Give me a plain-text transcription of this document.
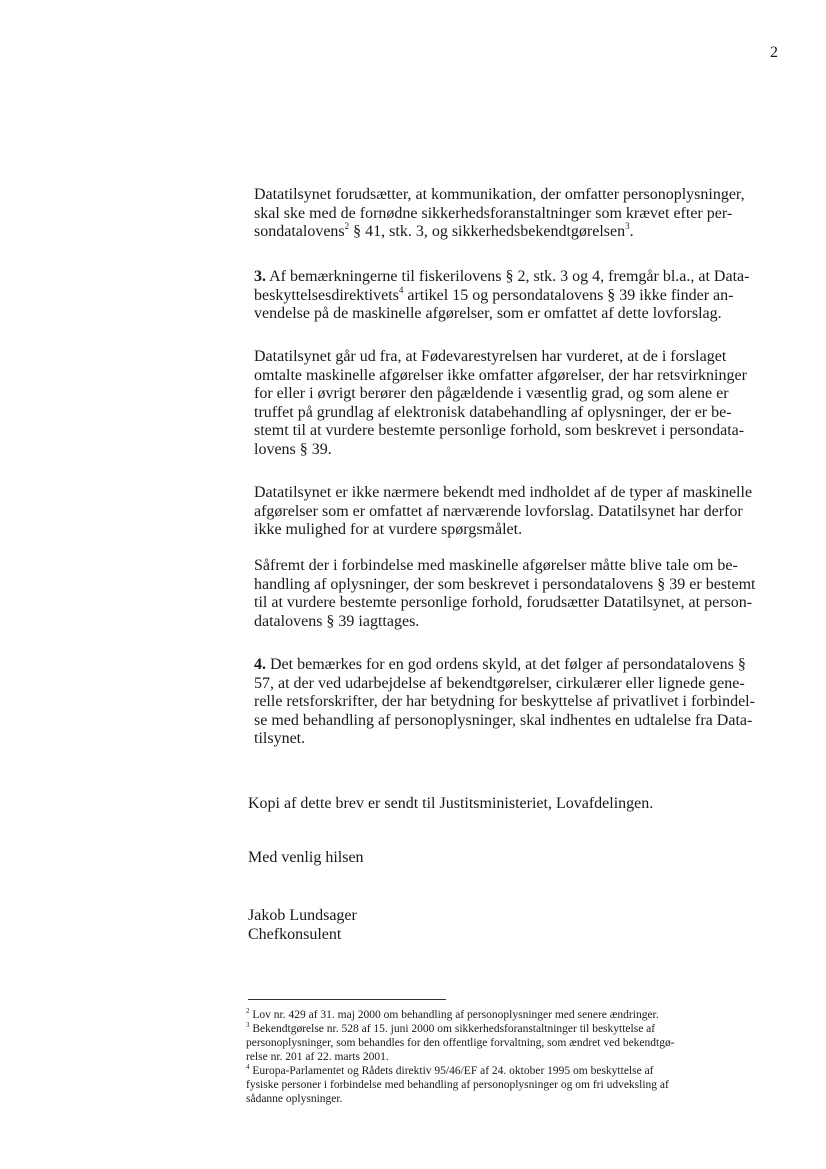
2
Datatilsynet forudsætter, at kommunikation, der omfatter personoplysninger,
skal ske med de fornødne sikkerhedsforanstaltninger som krævet efter per-
sondatalovens$^2$ § 41, stk. 3, og sikkerhedsbekendtgørelsen$^3$.
3. Af bemærkningerne til fiskerilovens § 2, stk. 3 og 4, fremgår bl.a., at Data-
beskyttelsesdirektivets$^4$ artikel 15 og persondatalovens § 39 ikke finder an-
vendelse på de maskinelle afgørelser, som er omfattet af dette lovforslag.
Datatilsynet går ud fra, at Fødevarestyrelsen har vurderet, at de i forslaget
omtalte maskinelle afgørelser ikke omfatter afgørelser, der har retsvirkninger
for eller i øvrigt berører den pågældende i væsentlig grad, og som alene er
truffet på grundlag af elektronisk databehandling af oplysninger, der er be-
stemt til at vurdere bestemte personlige forhold, som beskrevet i persondata-
lovens § 39.
Datatilsynet er ikke nærmere bekendt med indholdet af de typer af maskinelle
afgørelser som er omfattet af nærværende lovforslag. Datatilsynet har derfor
ikke mulighed for at vurdere spørgsmålet.
Såfremt der i forbindelse med maskinelle afgørelser måtte blive tale om be-
handling af oplysninger, der som beskrevet i persondatalovens § 39 er bestemt
til at vurdere bestemte personlige forhold, forudsætter Datatilsynet, at person-
datalovens § 39 iagttages.
4. Det bemærkes for en god ordens skyld, at det følger af persondatalovens §
57, at der ved udarbejdelse af bekendtgørelser, cirkulærer eller lignede gene-
relle retsforskrifter, der har betydning for beskyttelse af privatlivet i forbindel-
se med behandling af personoplysninger, skal indhentes en udtalelse fra Data-
tilsynet.

Kopi af dette brev er sendt til Justitsministeriet, Lovafdelingen.

Med venlig hilsen

Jakob Lundsager

Chefkonsulent

$^2$ Lov nr. 429 af 31. maj 2000 om behandling af personoplysninger med senere ændringer.
$^3$ Bekendtgørelse nr. 528 af 15. juni 2000 om sikkerhedsforanstaltninger til beskyttelse af
personoplysninger, som behandles for den offentlige forvaltning, som ændret ved bekendtgø-
relse nr. 201 af 22. marts 2001.
$^4$ Europa-Parlamentet og Rådets direktiv 95/46/EF af 24. oktober 1995 om beskyttelse af
fysiske personer i forbindelse med behandling af personoplysninger og om fri udveksling af
sådanne oplysninger.
